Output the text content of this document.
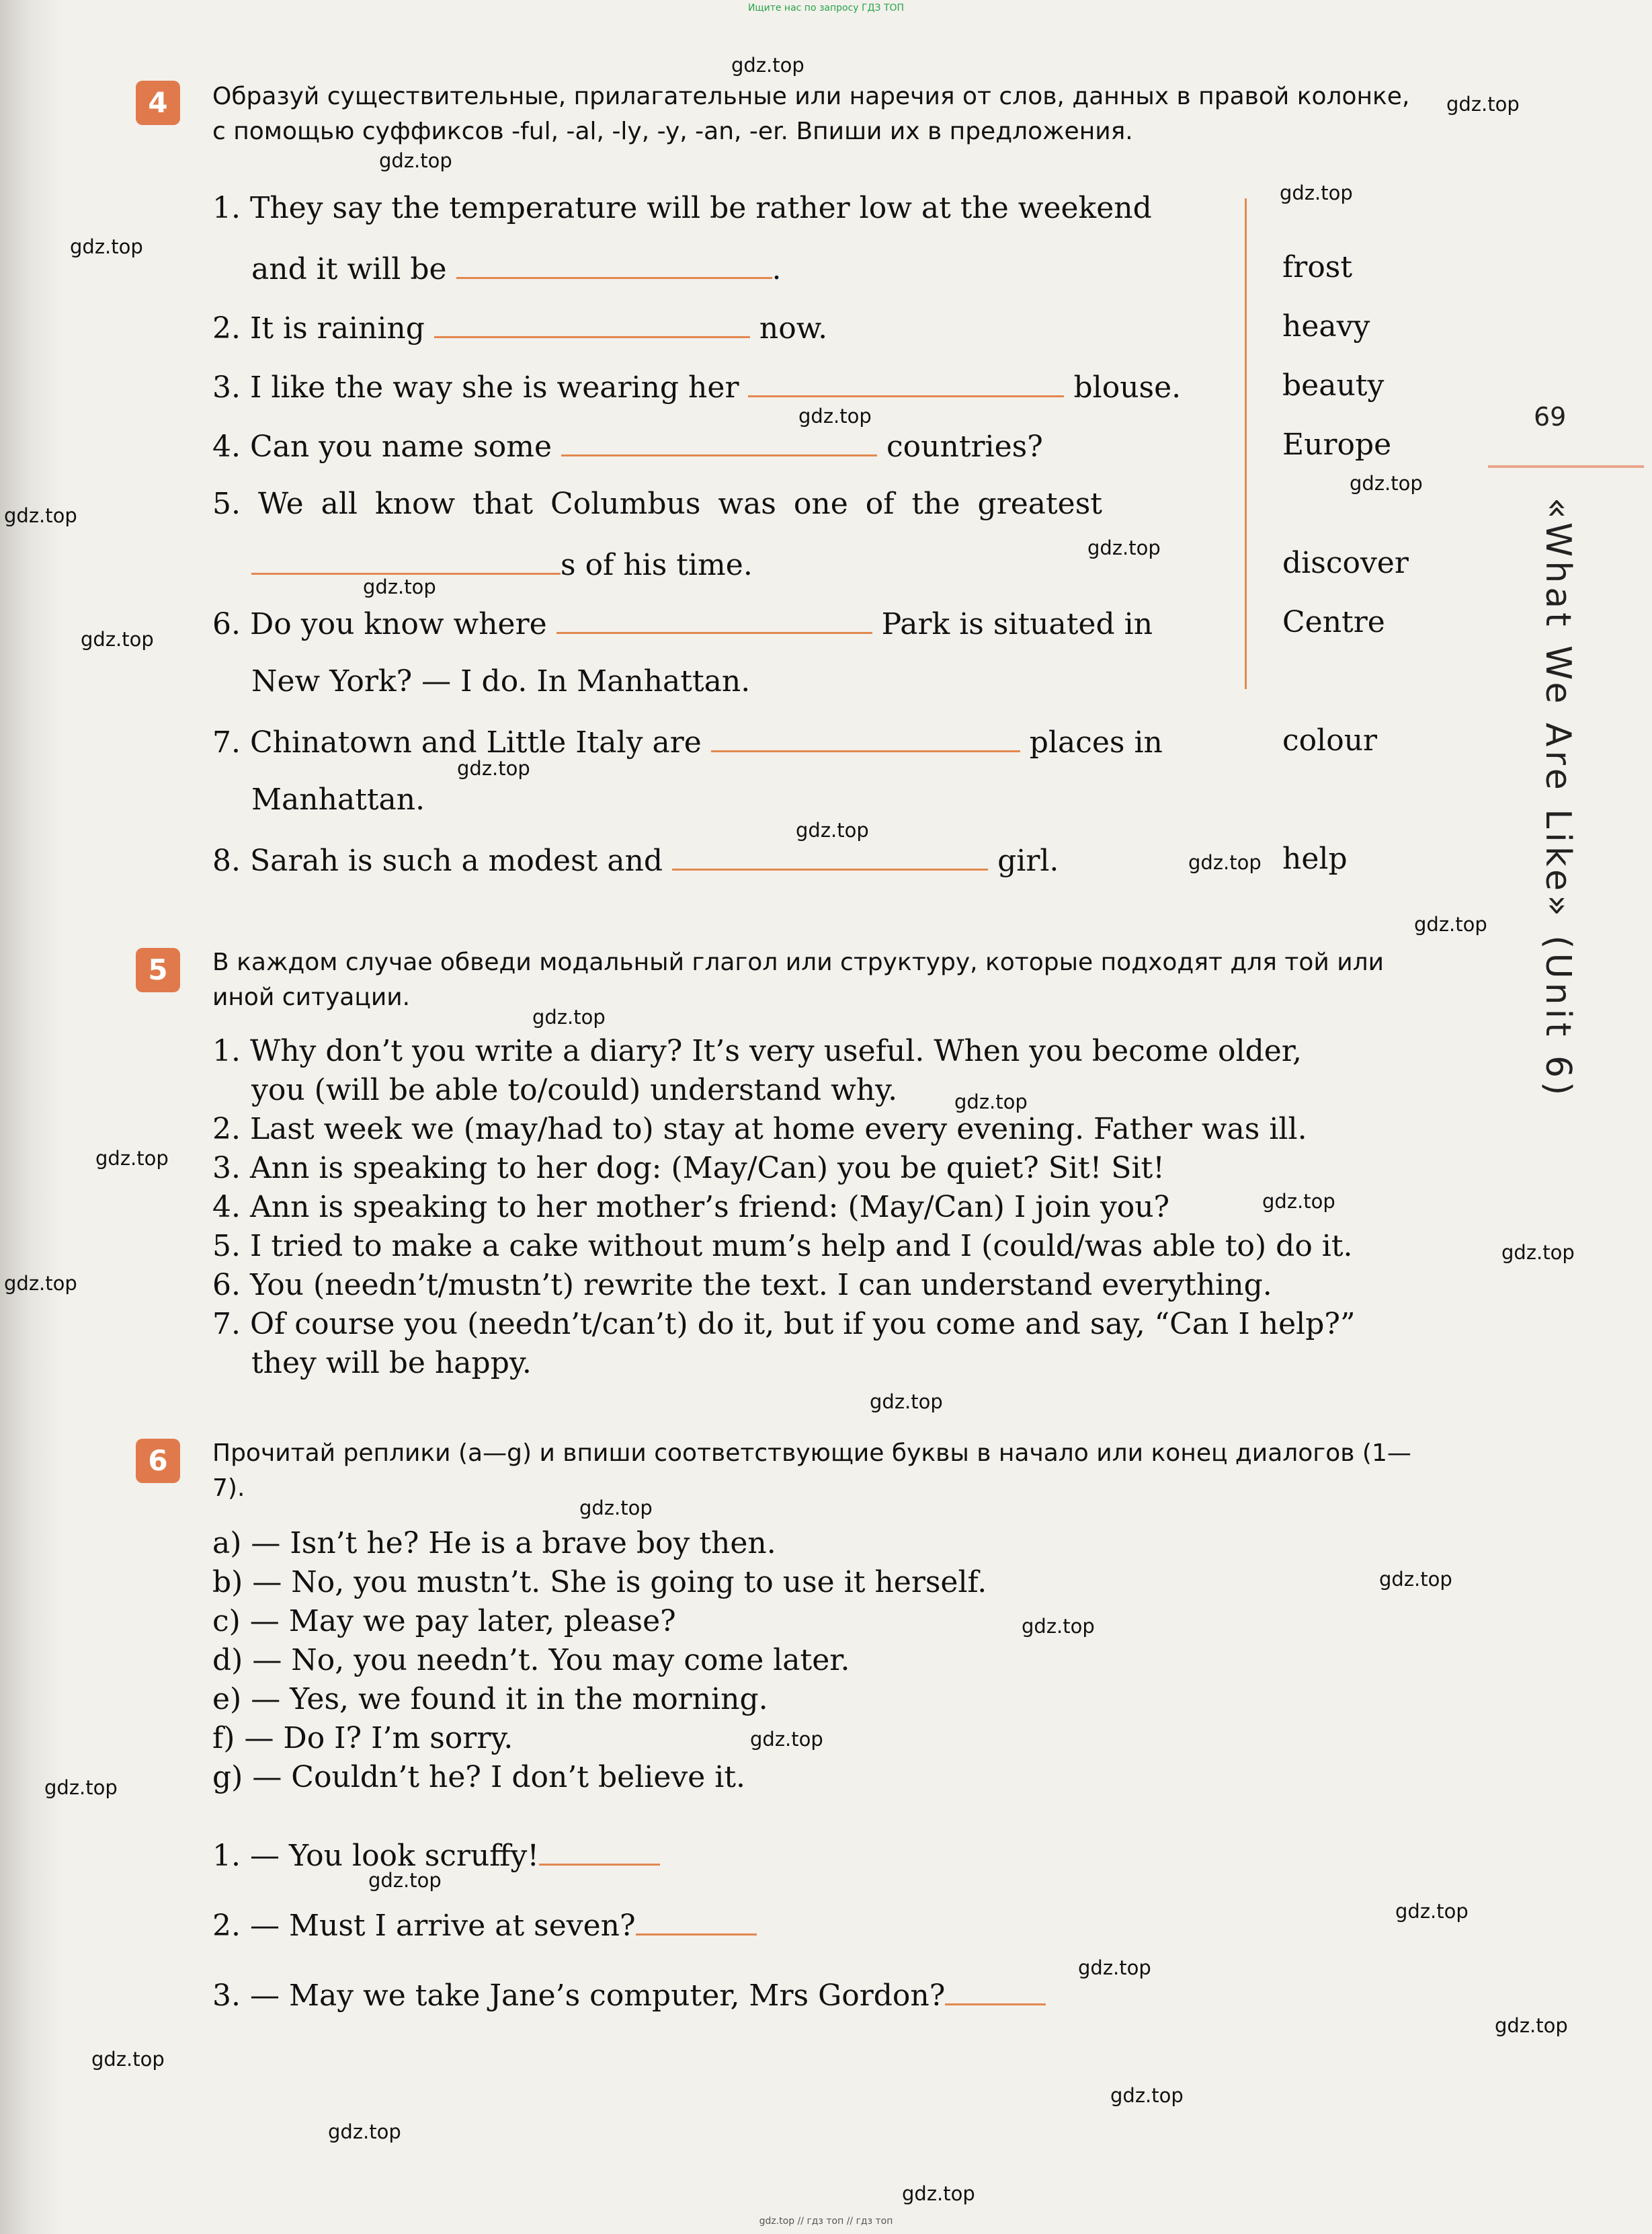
Ищите нас по запросу ГДЗ ТОП
4	Образуй существительные, прилагательные или наречия от слов, данных в правой колонке, с помощью суффиксов -ful, -al, -ly, -y, -an, -er. Впиши их в предложения.
1. They say the temperature will be rather low at the weekend
and it will be	.
2. It is raining	now.
3. I like the way she is wearing her	blouse.
4. Can you name some	countries?
5. We all know that Columbus was one of the greatest
s of his time.
6. Do you know where	Park is situated in
New York? — I do. In Manhattan.
7. Chinatown and Little Italy are	places in
Manhattan.
8. Sarah is such a modest and	girl.
frost
heavy
beauty
Europe
discover
Centre
colour
help
69
«What We Are Like» (Unit 6)
5	В каждом случае обведи модальный глагол или структуру, которые подходят для той или иной ситуации.
1. Why don’t you write a diary? It’s very useful. When you become older,
you (will be able to/could) understand why.
2. Last week we (may/had to) stay at home every evening. Father was ill.
3. Ann is speaking to her dog: (May/Can) you be quiet? Sit! Sit!
4. Ann is speaking to her mother’s friend: (May/Can) I join you?
5. I tried to make a cake without mum’s help and I (could/was able to) do it.
6. You (needn’t/mustn’t) rewrite the text. I can understand everything.
7. Of course you (needn’t/can’t) do it, but if you come and say, “Can I help?”
they will be happy.
6	Прочитай реплики (a—g) и впиши соответствующие буквы в начало или конец диалогов (1—7).
a) — Isn’t he? He is a brave boy then.
b) — No, you mustn’t. She is going to use it herself.
c) — May we pay later, please?
d) — No, you needn’t. You may come later.
e) — Yes, we found it in the morning.
f) — Do I? I’m sorry.
g) — Couldn’t he? I don’t believe it.
1. — You look scruffy!
2. — Must I arrive at seven?
3. — May we take Jane’s computer, Mrs Gordon?
gdz.top
gdz.top
gdz.top
gdz.top
gdz.top
gdz.top
gdz.top
gdz.top
gdz.top
gdz.top
gdz.top
gdz.top
gdz.top
gdz.top
gdz.top
gdz.top
gdz.top
gdz.top
gdz.top
gdz.top
gdz.top
gdz.top
gdz.top
gdz.top
gdz.top
gdz.top
gdz.top
gdz.top
gdz.top
gdz.top
gdz.top
gdz.top
gdz.top
gdz.top
gdz.top
gdz.top // гдз топ // гдз топ
